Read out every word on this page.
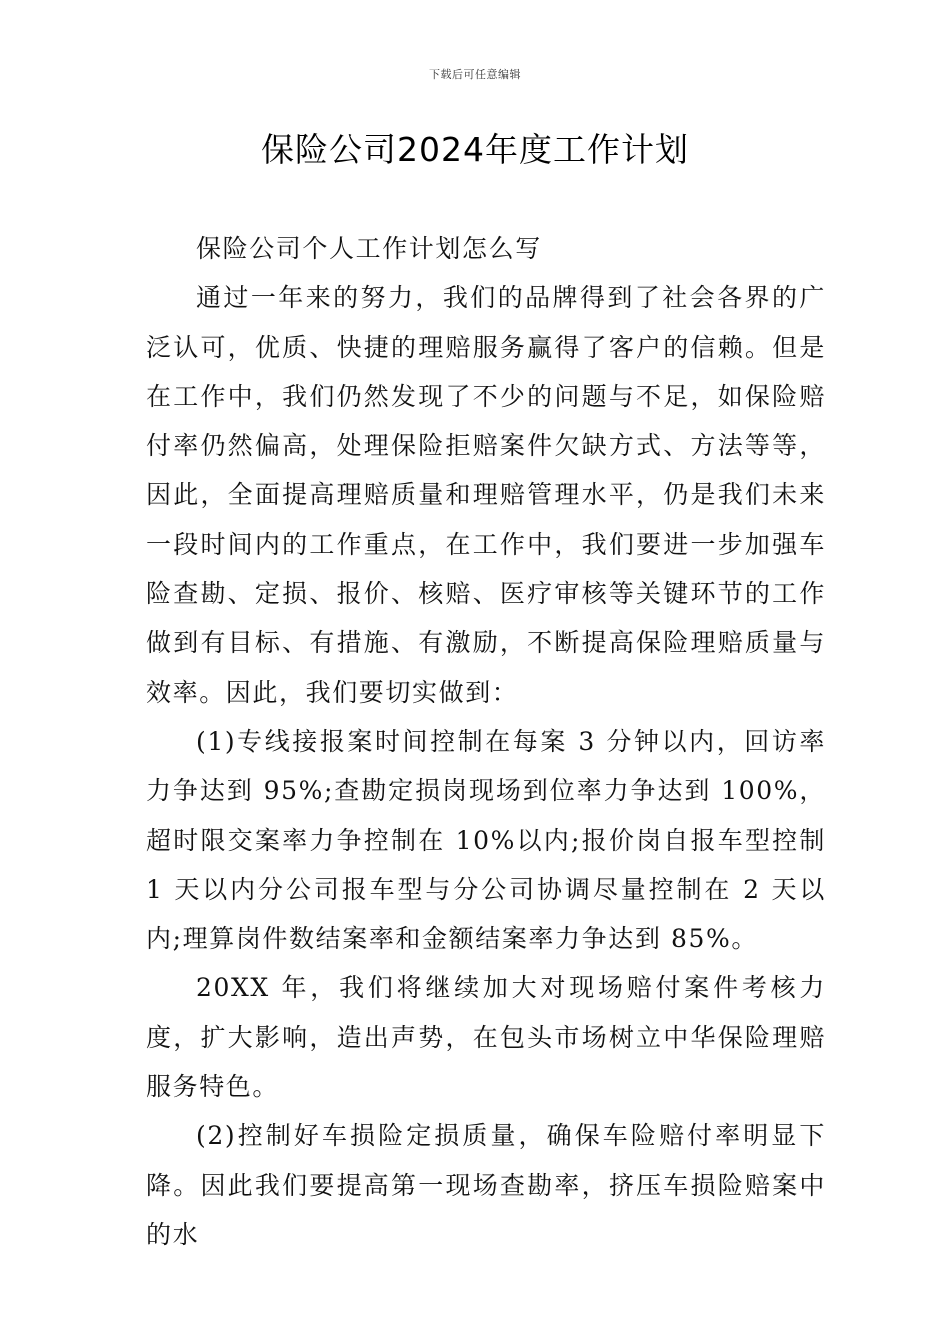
下载后可任意编辑
保险公司2024年度工作计划

保险公司个人工作计划怎么写

通过一年来的努力，我们的品牌得到了社会各界的广泛认可，优质、快捷的理赔服务赢得了客户的信赖。但是在工作中，我们仍然发现了不少的问题与不足，如保险赔付率仍然偏高，处理保险拒赔案件欠缺方式、方法等等，因此，全面提高理赔质量和理赔管理水平，仍是我们未来一段时间内的工作重点，在工作中，我们要进一步加强车险查勘、定损、报价、核赔、医疗审核等关键环节的工作做到有目标、有措施、有激励，不断提高保险理赔质量与效率。因此，我们要切实做到：

(1)专线接报案时间控制在每案 3 分钟以内，回访率力争达到 95%;查勘定损岗现场到位率力争达到 100%，超时限交案率力争控制在 10%以内;报价岗自报车型控制 1 天以内分公司报车型与分公司协调尽量控制在 2 天以内;理算岗件数结案率和金额结案率力争达到 85%。

20XX 年，我们将继续加大对现场赔付案件考核力度，扩大影响，造出声势，在包头市场树立中华保险理赔服务特色。

(2)控制好车损险定损质量，确保车险赔付率明显下降。因此我们要提高第一现场查勘率，挤压车损险赔案中的水
